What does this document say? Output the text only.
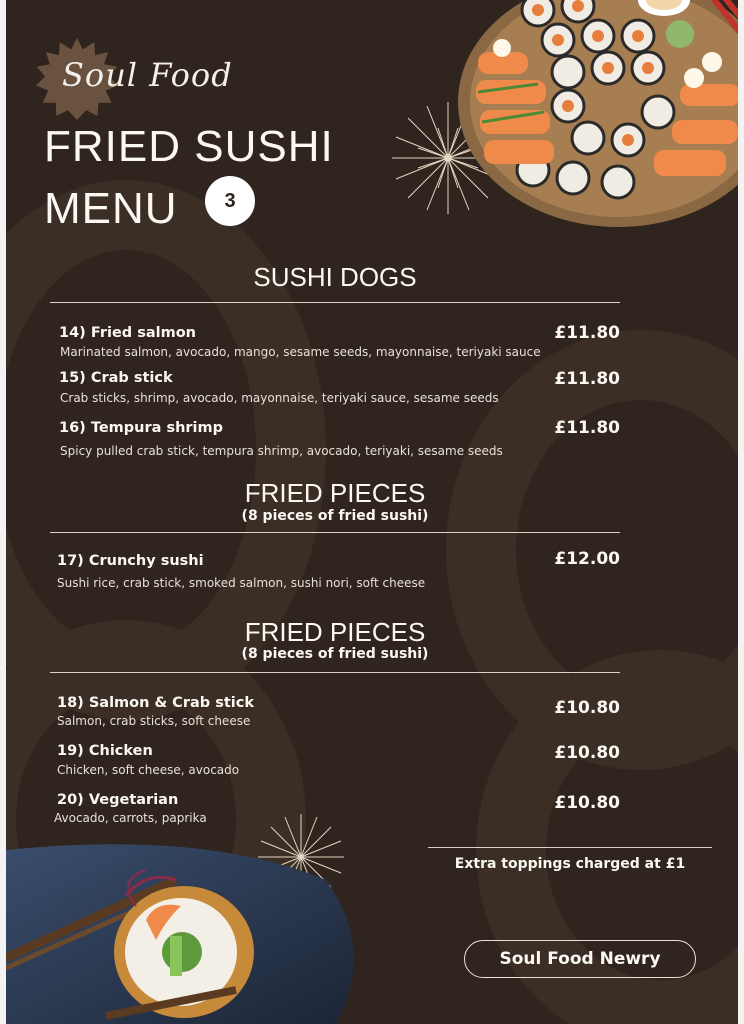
Soul Food
FRIED SUSHI
MENU	3
SUSHI DOGS
14) Fried salmon	£11.80
Marinated salmon, avocado, mango, sesame seeds, mayonnaise, teriyaki sauce
15) Crab stick	£11.80
Crab sticks, shrimp, avocado, mayonnaise, teriyaki sauce, sesame seeds
16) Tempura shrimp	£11.80
Spicy pulled crab stick, tempura shrimp, avocado, teriyaki, sesame seeds
FRIED PIECES
(8 pieces of fried sushi)
17) Crunchy sushi	£12.00
Sushi rice, crab stick, smoked salmon, sushi nori, soft cheese
FRIED PIECES
(8 pieces of fried sushi)
18) Salmon & Crab stick	£10.80
Salmon, crab sticks, soft cheese
19) Chicken	£10.80
Chicken, soft cheese, avocado
20) Vegetarian	£10.80
Avocado, carrots, paprika
Extra toppings charged at £1
Soul Food Newry
